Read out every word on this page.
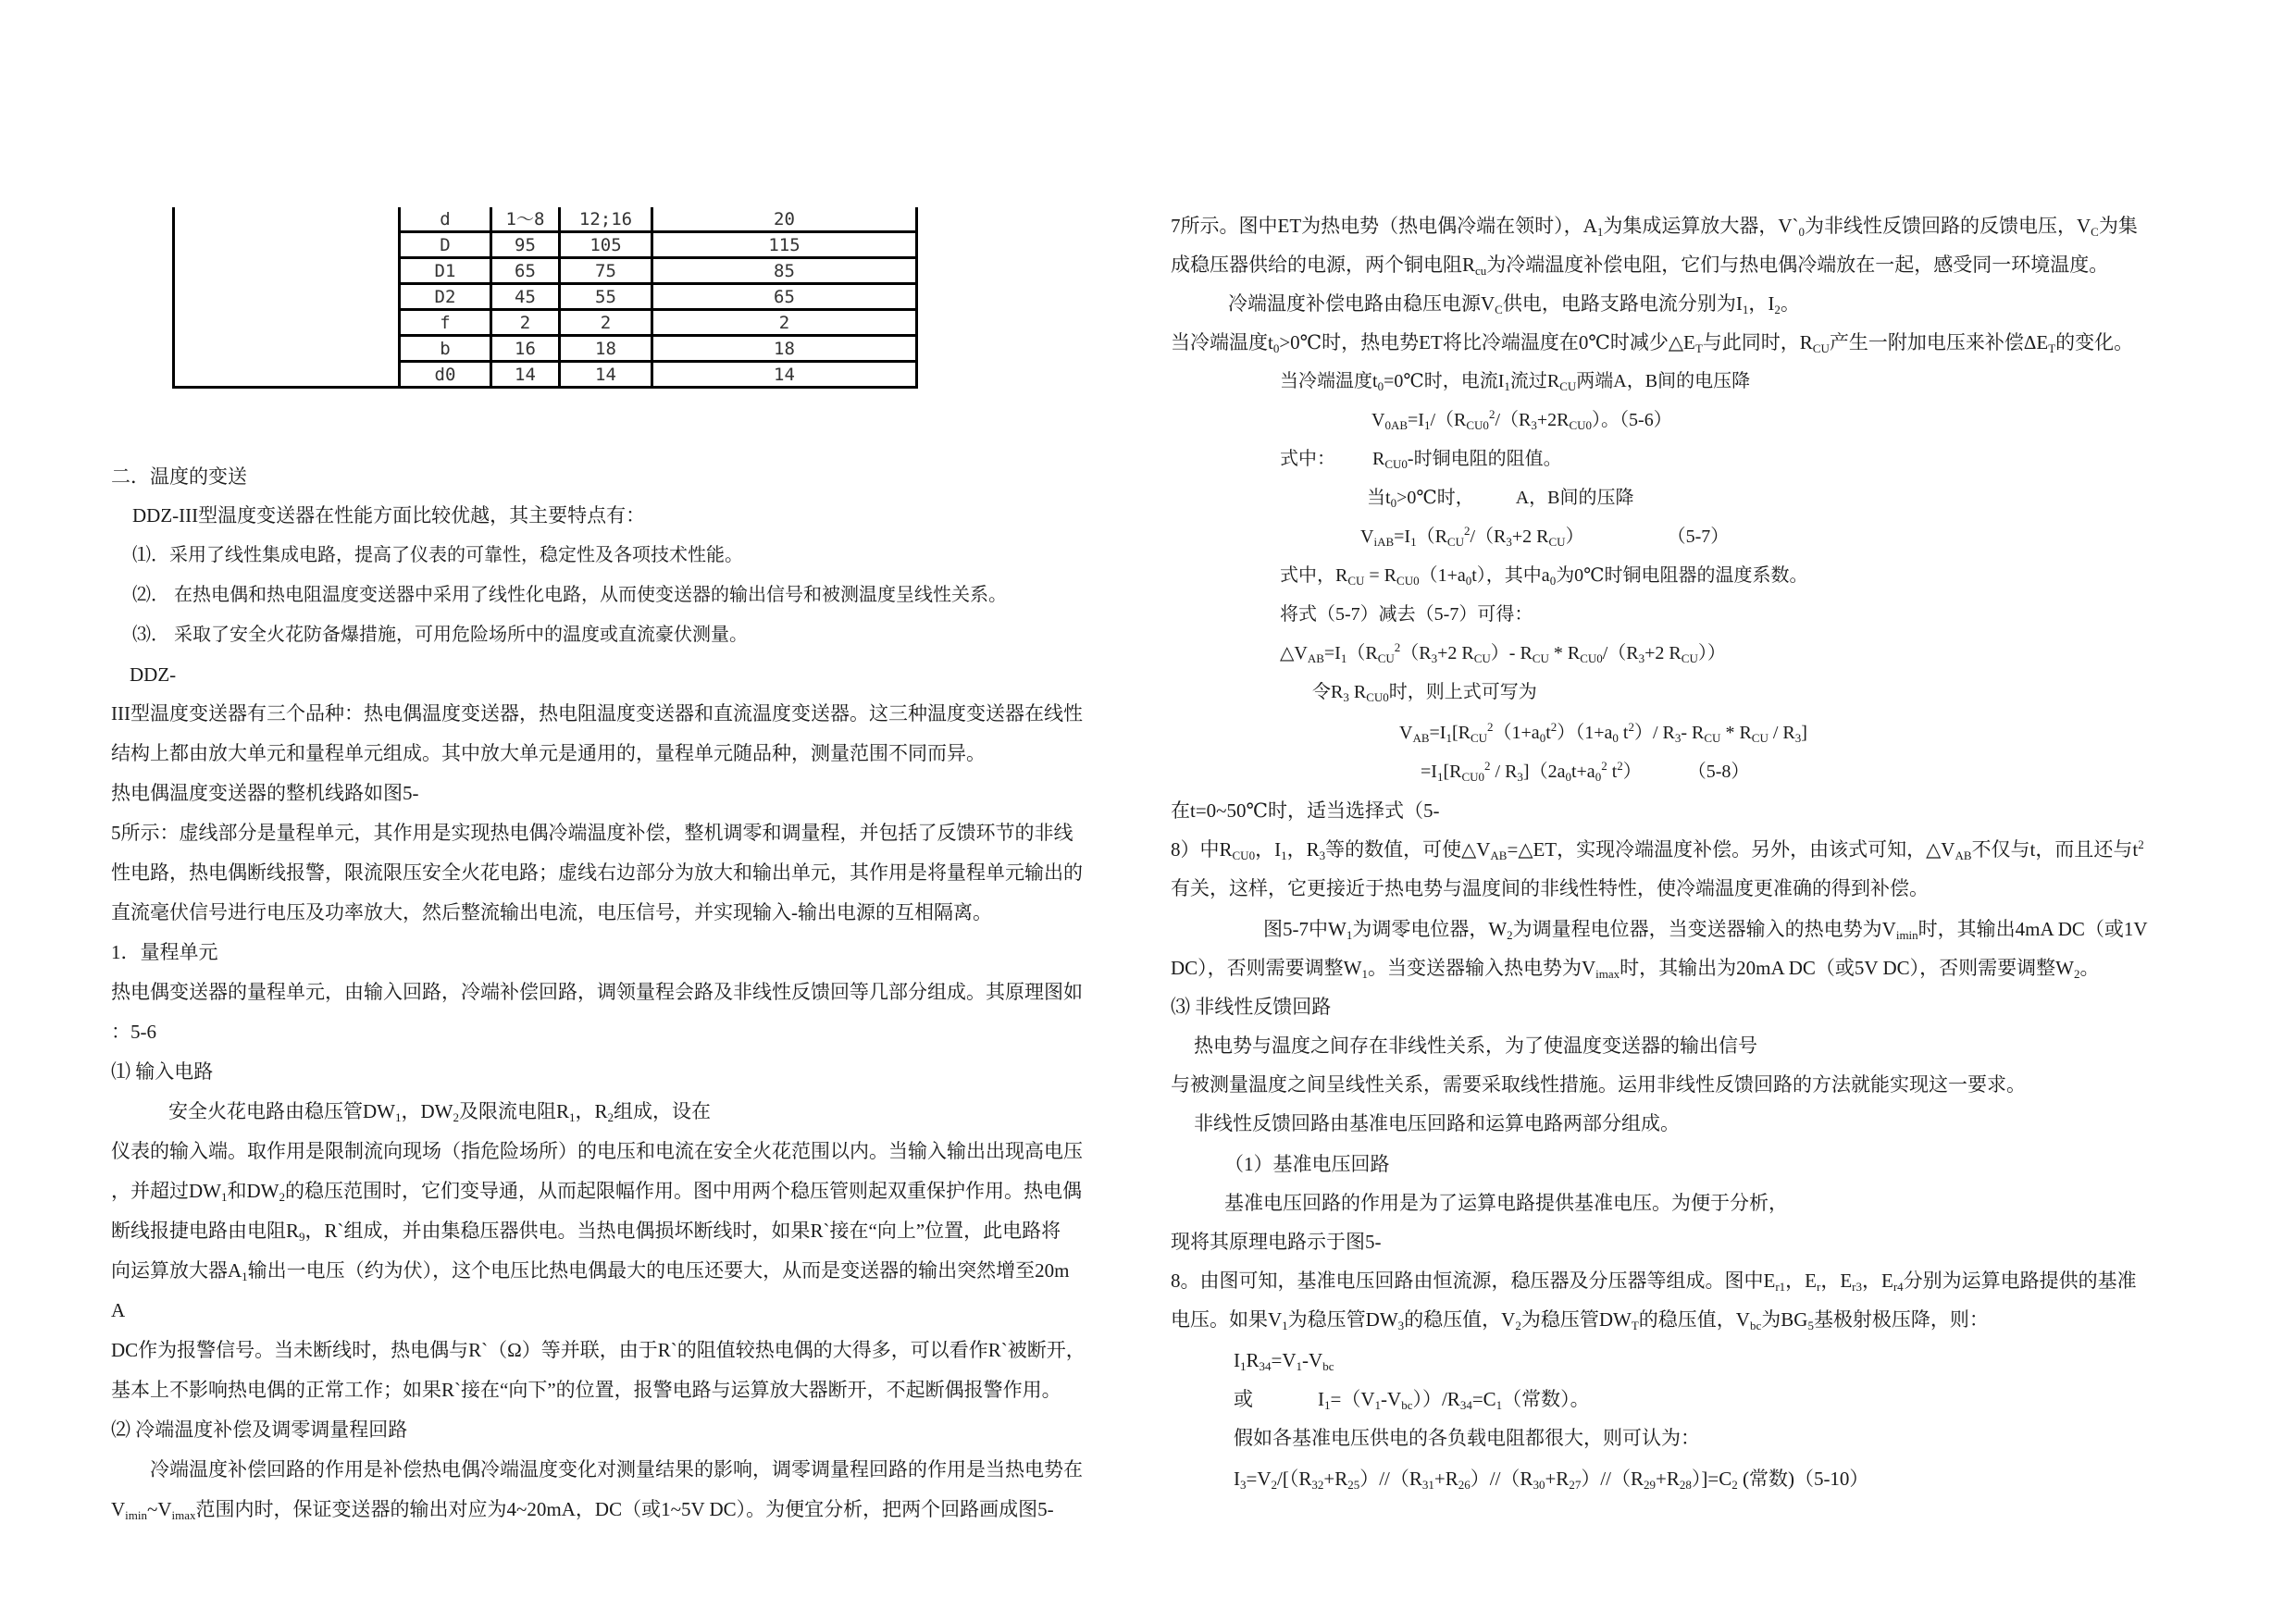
	d	1～8	12;16	20
	D	95	105	115
	D1	65	75	85
	D2	45	55	65
	f	2	2	2
	b	16	18	18
	d0	14	14	14
二．温度的变送
DDZ-III型温度变送器在性能方面比较优越，其主要特点有：
⑴．采用了线性集成电路，提高了仪表的可靠性，稳定性及各项技术性能。
⑵． 在热电偶和热电阻温度变送器中采用了线性化电路，从而使变送器的输出信号和被测温度呈线性关系。
⑶． 采取了安全火花防备爆措施，可用危险场所中的温度或直流豪伏测量。
DDZ-
III型温度变送器有三个品种：热电偶温度变送器，热电阻温度变送器和直流温度变送器。这三种温度变送器在线性
结构上都由放大单元和量程单元组成。其中放大单元是通用的，量程单元随品种，测量范围不同而异。
热电偶温度变送器的整机线路如图5-
5所示：虚线部分是量程单元，其作用是实现热电偶冷端温度补偿，整机调零和调量程，并包括了反馈环节的非线
性电路，热电偶断线报警，限流限压安全火花电路；虚线右边部分为放大和输出单元，其作用是将量程单元输出的
直流毫伏信号进行电压及功率放大，然后整流输出电流，电压信号，并实现输入-输出电源的互相隔离。
1．量程单元
热电偶变送器的量程单元，由输入回路，冷端补偿回路，调领量程会路及非线性反馈回等几部分组成。其原理图如
：5-6
⑴ 输入电路
安全火花电路由稳压管$DW_1$，$DW_2$及限流电阻$R_1$，$R_2$组成，设在
仪表的输入端。取作用是限制流向现场（指危险场所）的电压和电流在安全火花范围以内。当输入输出出现高电压
，并超过$DW_1$和$DW_2$的稳压范围时，它们变导通，从而起限幅作用。图中用两个稳压管则起双重保护作用。热电偶
断线报捷电路由电阻$R_9$，R`组成，并由集稳压器供电。当热电偶损坏断线时，如果R`接在“向上”位置，此电路将
向运算放大器$A_1$输出一电压（约为伏），这个电压比热电偶最大的电压还要大，从而是变送器的输出突然增至20m
A
DC作为报警信号。当未断线时，热电偶与R`（Ω）等并联，由于R`的阻值较热电偶的大得多，可以看作R`被断开，
基本上不影响热电偶的正常工作；如果R`接在“向下”的位置，报警电路与运算放大器断开，不起断偶报警作用。
⑵ 冷端温度补偿及调零调量程回路
冷端温度补偿回路的作用是补偿热电偶冷端温度变化对测量结果的影响，调零调量程回路的作用是当热电势在
$V_{imin}\sim V_{imax}$范围内时，保证变送器的输出对应为4~20mA，DC（或1~5V DC）。为便宜分析，把两个回路画成图5-
7所示。图中ET为热电势（热电偶冷端在领时），$A_1$为集成运算放大器，$V`_0$为非线性反馈回路的反馈电压，$V_C$为集
成稳压器供给的电源，两个铜电阻$R_{cu}$为冷端温度补偿电阻，它们与热电偶冷端放在一起，感受同一环境温度。
冷端温度补偿电路由稳压电源$V_C$供电，电路支路电流分别为$I_1$，$I_2$。
当冷端温度$t_0>0℃$时，热电势ET将比冷端温度在0℃时减少$\triangle E_T$与此同时，$R_{CU}$产生一附加电压来补偿$\Delta E_T$的变化。
当冷端温度$t_0=0℃$时，电流$I_1$流过$R_{CU}$两端A，B间的电压降
$V_{0AB}=I_1/(R_{CU0}^2/(R_3+2R_{CU0})$。（5-6）
式中： $R_{CU0}-$时铜电阻的阻值。
当$t_0>0℃$时， A，B间的压降
$V_{iAB}=I_1(R_{CU}^2/(R_3+2$ $R_{CU}$）	（5-7）
式中，$R_{CU} = R_{CU0}(1+a_0t)$，其中$a_0$为0℃时铜电阻器的温度系数。
将式（5-7）减去（5-7）可得：
$\triangle V_{AB}=I_1(R_{CU}^2(R_3+2$ $R_{CU})-$ $R_{CU} * R_{CU0}/(R_3+2$ $R_{CU}$））
令$R_3$ $R_{CU0}$时，则上式可写为
$V_{AB}=I_1[R_{CU}^2(1+a_0t^2)(1+a_0$ $t^2)/$ $R_3-$ $R_{CU} * R_{CU} / R_3$]
$=I_1[R_{CU0}^2 / R_3](2a_0t+a_0^2$ $t^2$）	（5-8）
在t=0~50℃时，适当选择式（5-
8）中$R_{CU0}$，$I_1$，$R_3$等的数值，可使$\triangle V_{AB}=\triangle ET$，实现冷端温度补偿。另外，由该式可知，$\triangle V_{AB}$不仅与t，而且还与$t^2$
有关，这样，它更接近于热电势与温度间的非线性特性，使冷端温度更准确的得到补偿。
图5-7中$W_1$为调零电位器，$W_2$为调量程电位器，当变送器输入的热电势为$V_{imin}$时，其输出4mA DC（或1V
DC），否则需要调整$W_1$。当变送器输入热电势为$V_{imax}$时，其输出为20mA DC（或5V DC），否则需要调整$W_2$。
⑶ 非线性反馈回路
热电势与温度之间存在非线性关系，为了使温度变送器的输出信号
与被测量温度之间呈线性关系，需要采取线性措施。运用非线性反馈回路的方法就能实现这一要求。
非线性反馈回路由基准电压回路和运算电路两部分组成。
（1）基准电压回路
基准电压回路的作用是为了运算电路提供基准电压。为便于分析，
现将其原理电路示于图5-
8。由图可知，基准电压回路由恒流源，稳压器及分压器等组成。图中$E_{r1}$，$E_r$，$E_{r3}$，$E_{r4}$分别为运算电路提供的基准
电压。如果$V_1$为稳压管$DW_3$的稳压值，$V_2$为稳压管$DW_T$的稳压值，$V_{bc}$为$BG_5$基极射极压降，则：
$I_1R_{34}=V_1-V_{bc}$
或	$I_1=(V_1-V_{bc}))/R_{34}=C_1$（常数）。
假如各基准电压供电的各负载电阻都很大，则可认为：
$I_3=V_2/[(R_{32}+R_{25})//(R_{31}+R_{26})//(R_{30}+R_{27})//(R_{29}+R_{28})]=C_2$ (常数)（5-10）
